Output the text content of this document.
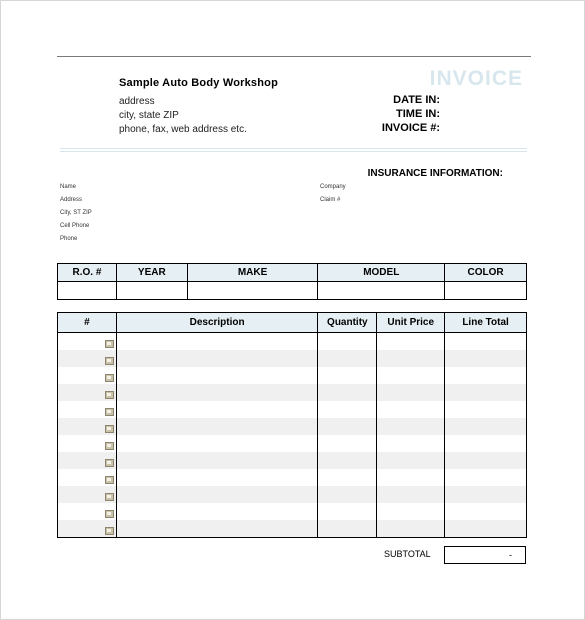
Sample Auto Body Workshop
address
city, state ZIP
phone, fax, web address etc.
INVOICE
DATE IN:
TIME IN:
INVOICE #:
INSURANCE INFORMATION:
Name
Address
City, ST ZIP
Cell Phone
Phone
Company
Claim #
R.O. #	YEAR	MAKE	MODEL	COLOR

#	Description	Quantity	Unit Price	Line Total

SUBTOTAL	-
